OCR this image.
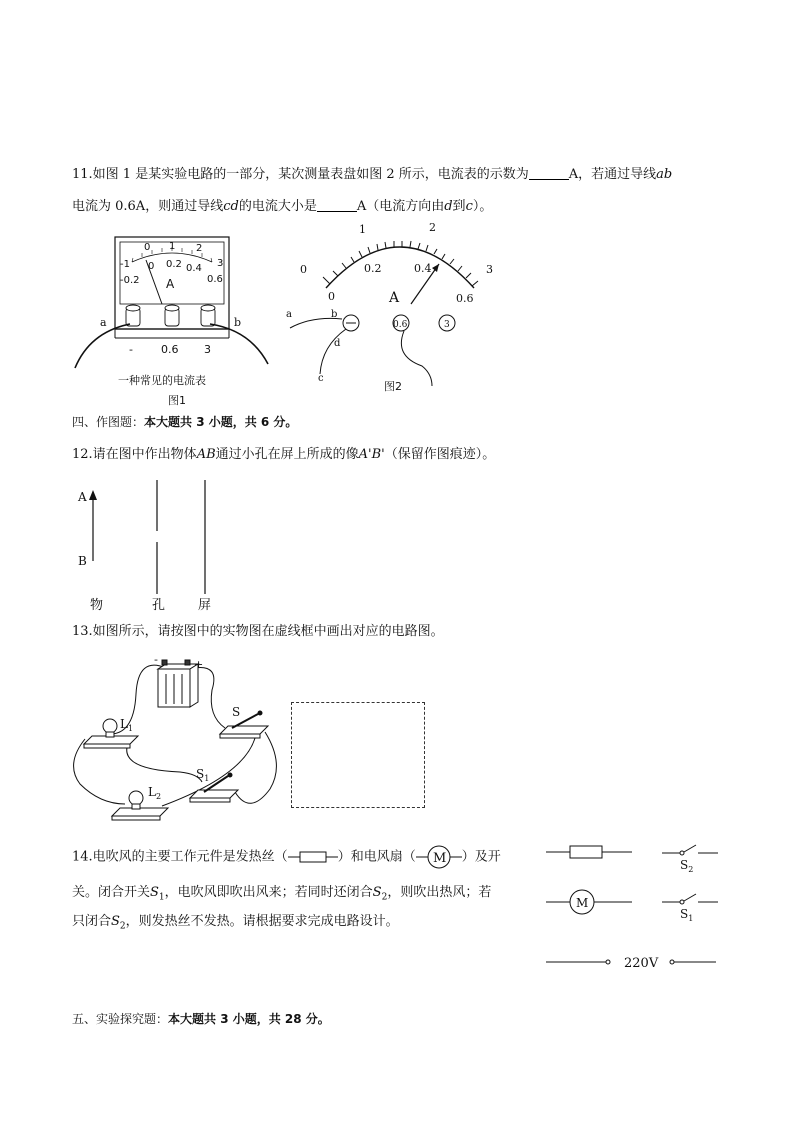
11.如图 1 是某实验电路的一部分，某次测量表盘如图 2 所示，电流表的示数为	A，若通过导线ab
电流为 0.6A，则通过导线cd的电流大小是	A（电流方向由d到c）。
0 1 2
3
-1 0 0.2 0.4
0.6
-0.2 A
-	0.6 3
a	b
一种常见的电流表
图1
0
1	2
3
0
0.2	0.4
0.6
A
0.6	3
a	b
c
d
图2
四、作图题：本大题共 3 小题，共 6 分。
12.请在图中作出物体AB通过小孔在屏上所成的像A'B'（保留作图痕迹）。
A
B
物	孔	屏
13.如图所示，请按图中的实物图在虚线框中画出对应的电路图。
-	+
S
$L_1$
$S_1$
$L_2$
14.电吹风的主要工作元件是发热丝（	）和电风扇（ M ）及开
关。闭合开关$S_1$，电吹风即吹出风来；若同时还闭合$S_2$，则吹出热风；若
只闭合$S_2$，则发热丝不发热。请根据要求完成电路设计。
$S_2$
M
$S_1$
220V
五、实验探究题：本大题共 3 小题，共 28 分。
